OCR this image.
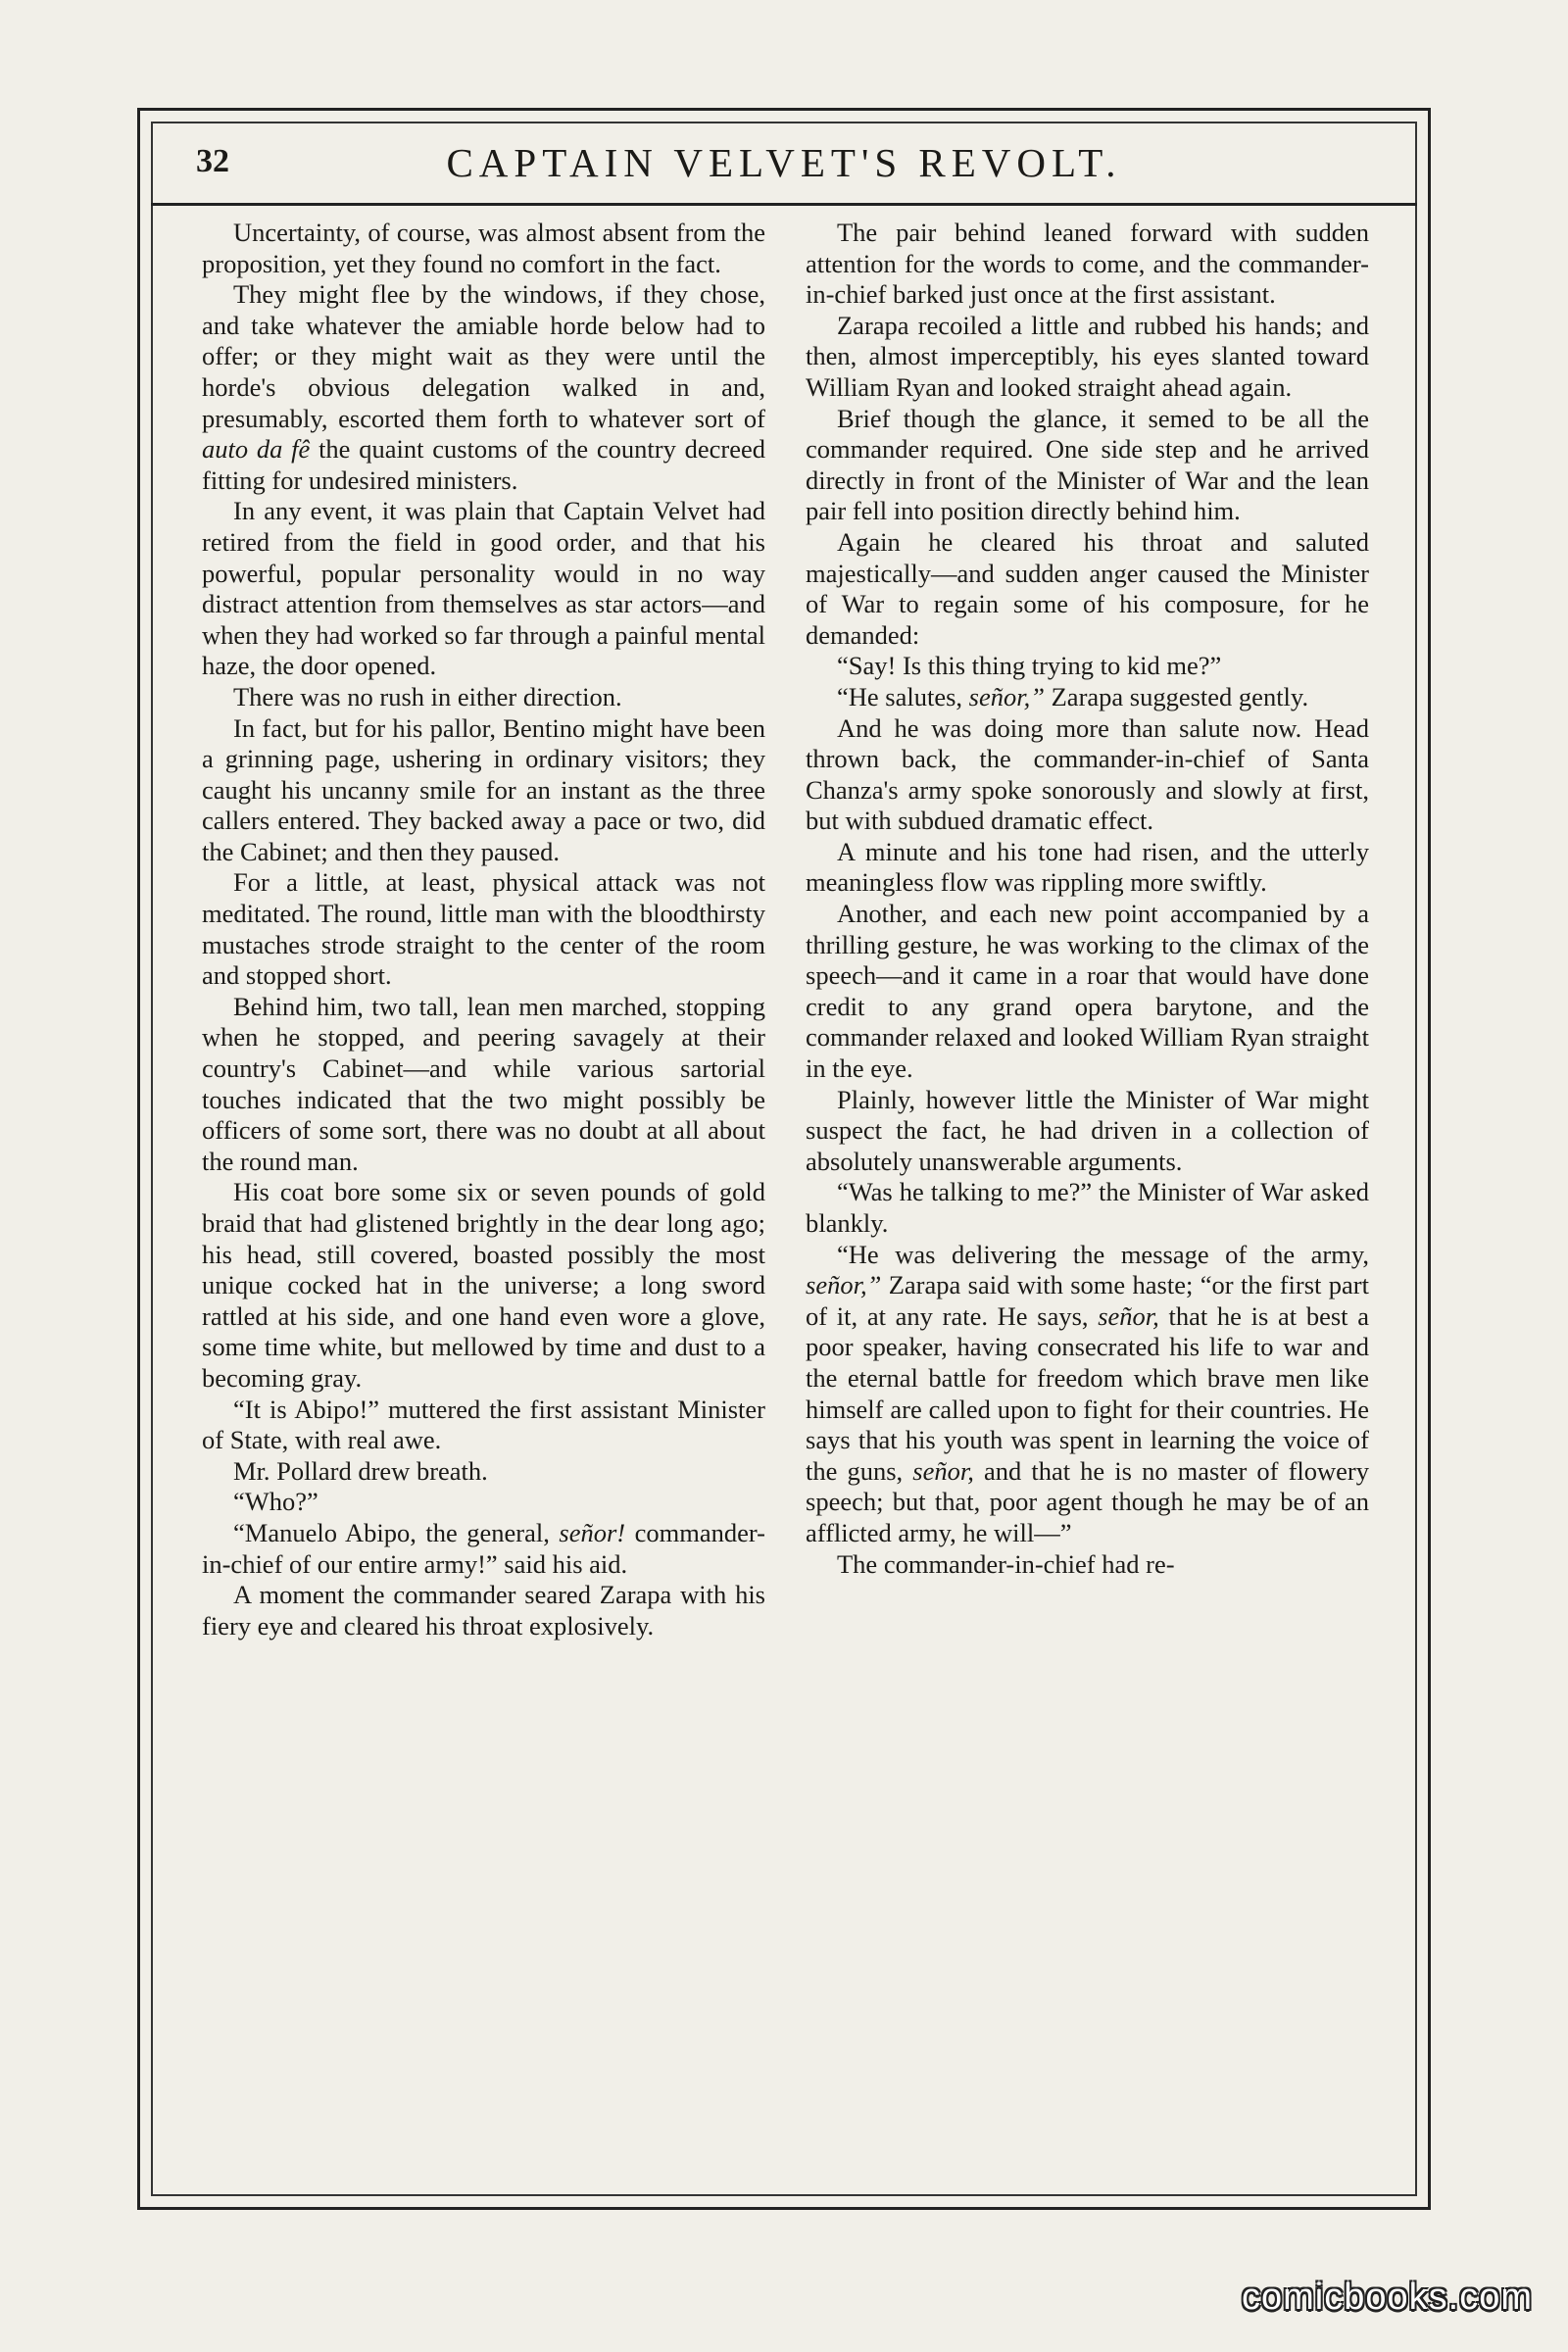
32	CAPTAIN VELVET'S REVOLT.

Uncertainty, of course, was almost absent from the proposition, yet they found no comfort in the fact.

They might flee by the windows, if they chose, and take whatever the amiable horde below had to offer; or they might wait as they were until the horde's obvious delegation walked in and, presumably, escorted them forth to whatever sort of auto da fê the quaint customs of the country decreed fitting for undesired ministers.

In any event, it was plain that Captain Velvet had retired from the field in good order, and that his powerful, popular personality would in no way distract attention from themselves as star actors—and when they had worked so far through a painful mental haze, the door opened.

There was no rush in either direction.

In fact, but for his pallor, Bentino might have been a grinning page, ushering in ordinary visitors; they caught his uncanny smile for an instant as the three callers entered. They backed away a pace or two, did the Cabinet; and then they paused.

For a little, at least, physical attack was not meditated. The round, little man with the bloodthirsty mustaches strode straight to the center of the room and stopped short.

Behind him, two tall, lean men marched, stopping when he stopped, and peering savagely at their country's Cabinet—and while various sartorial touches indicated that the two might possibly be officers of some sort, there was no doubt at all about the round man.

His coat bore some six or seven pounds of gold braid that had glistened brightly in the dear long ago; his head, still covered, boasted possibly the most unique cocked hat in the universe; a long sword rattled at his side, and one hand even wore a glove, some time white, but mellowed by time and dust to a becoming gray.

“It is Abipo!” muttered the first assistant Minister of State, with real awe.

Mr. Pollard drew breath.

“Who?”

“Manuelo Abipo, the general, señor! commander-in-chief of our entire army!” said his aid.

A moment the commander seared Zarapa with his fiery eye and cleared his throat explosively.

The pair behind leaned forward with sudden attention for the words to come, and the commander-in-chief barked just once at the first assistant.

Zarapa recoiled a little and rubbed his hands; and then, almost imperceptibly, his eyes slanted toward William Ryan and looked straight ahead again.

Brief though the glance, it semed to be all the commander required. One side step and he arrived directly in front of the Minister of War and the lean pair fell into position directly behind him.

Again he cleared his throat and saluted majestically—and sudden anger caused the Minister of War to regain some of his composure, for he demanded:

“Say! Is this thing trying to kid me?”

“He salutes, señor,” Zarapa suggested gently.

And he was doing more than salute now. Head thrown back, the commander-in-chief of Santa Chanza's army spoke sonorously and slowly at first, but with subdued dramatic effect.

A minute and his tone had risen, and the utterly meaningless flow was rippling more swiftly.

Another, and each new point accompanied by a thrilling gesture, he was working to the climax of the speech—and it came in a roar that would have done credit to any grand opera barytone, and the commander relaxed and looked William Ryan straight in the eye.

Plainly, however little the Minister of War might suspect the fact, he had driven in a collection of absolutely unanswerable arguments.

“Was he talking to me?” the Minister of War asked blankly.

“He was delivering the message of the army, señor,” Zarapa said with some haste; “or the first part of it, at any rate. He says, señor, that he is at best a poor speaker, having consecrated his life to war and the eternal battle for freedom which brave men like himself are called upon to fight for their countries. He says that his youth was spent in learning the voice of the guns, señor, and that he is no master of flowery speech; but that, poor agent though he may be of an afflicted army, he will—”

The commander-in-chief had re-

comicbooks.com
